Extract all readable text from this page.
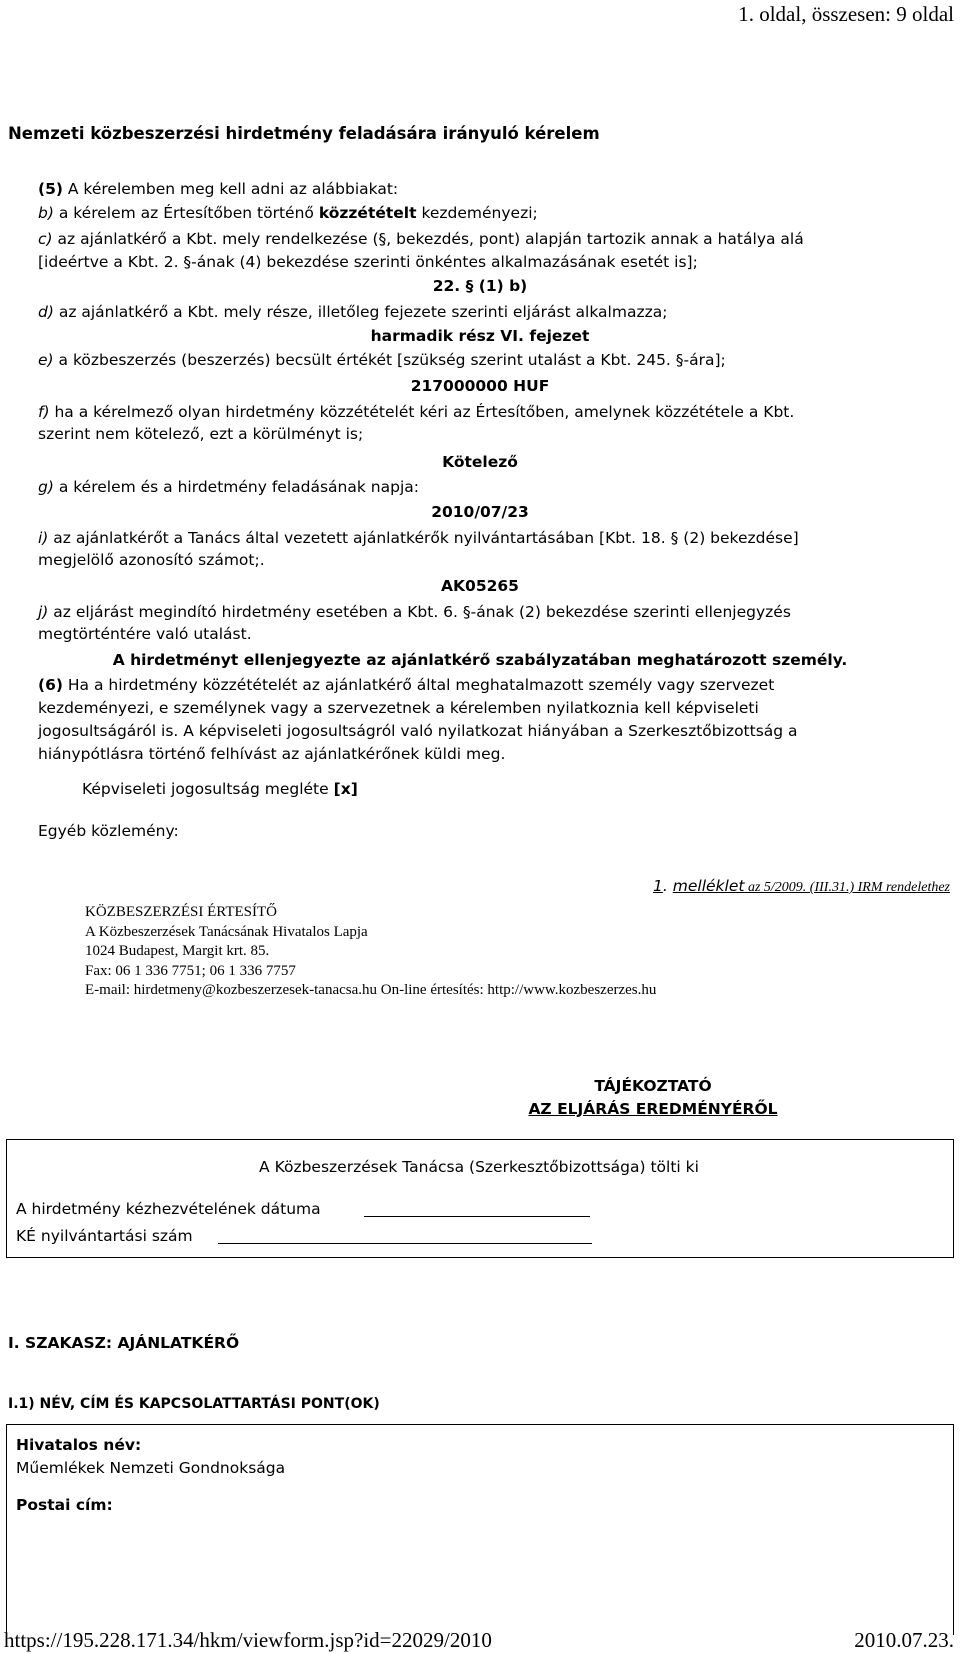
1. oldal, összesen: 9 oldal
Nemzeti közbeszerzési hirdetmény feladására irányuló kérelem
(5) A kérelemben meg kell adni az alábbiakat:
b) a kérelem az Értesítőben történő közzétételt kezdeményezi;
c) az ajánlatkérő a Kbt. mely rendelkezése (§, bekezdés, pont) alapján tartozik annak a hatálya alá
[ideértve a Kbt. 2. §-ának (4) bekezdése szerinti önkéntes alkalmazásának esetét is];
22. § (1) b)
d) az ajánlatkérő a Kbt. mely része, illetőleg fejezete szerinti eljárást alkalmazza;
harmadik rész VI. fejezet
e) a közbeszerzés (beszerzés) becsült értékét [szükség szerint utalást a Kbt. 245. §-ára];
217000000 HUF
f) ha a kérelmező olyan hirdetmény közzétételét kéri az Értesítőben, amelynek közzététele a Kbt.
szerint nem kötelező, ezt a körülményt is;
Kötelező
g) a kérelem és a hirdetmény feladásának napja:
2010/07/23
i) az ajánlatkérőt a Tanács által vezetett ajánlatkérők nyilvántartásában [Kbt. 18. § (2) bekezdése]
megjelölő azonosító számot;.
AK05265
j) az eljárást megindító hirdetmény esetében a Kbt. 6. §-ának (2) bekezdése szerinti ellenjegyzés
megtörténtére való utalást.
A hirdetményt ellenjegyezte az ajánlatkérő szabályzatában meghatározott személy.
(6) Ha a hirdetmény közzétételét az ajánlatkérő által meghatalmazott személy vagy szervezet
kezdeményezi, e személynek vagy a szervezetnek a kérelemben nyilatkoznia kell képviseleti
jogosultságáról is. A képviseleti jogosultságról való nyilatkozat hiányában a Szerkesztőbizottság a
hiánypótlásra történő felhívást az ajánlatkérőnek küldi meg.
Képviseleti jogosultság megléte [x]
Egyéb közlemény:
1. melléklet az 5/2009. (III.31.) IRM rendelethez
KÖZBESZERZÉSI ÉRTESÍTŐ
A Közbeszerzések Tanácsának Hivatalos Lapja
1024 Budapest, Margit krt. 85.
Fax: 06 1 336 7751; 06 1 336 7757
E-mail: hirdetmeny@kozbeszerzesek-tanacsa.hu On-line értesítés: http://www.kozbeszerzes.hu
TÁJÉKOZTATÓ
AZ ELJÁRÁS EREDMÉNYÉRŐL
A Közbeszerzések Tanácsa (Szerkesztőbizottsága) tölti ki
A hirdetmény kézhezvételének dátuma
KÉ nyilvántartási szám
I. SZAKASZ: AJÁNLATKÉRŐ
I.1) NÉV, CÍM ÉS KAPCSOLATTARTÁSI PONT(OK)
Hivatalos név:
Műemlékek Nemzeti Gondnoksága
Postai cím:
https://195.228.171.34/hkm/viewform.jsp?id=22029/2010	2010.07.23.
